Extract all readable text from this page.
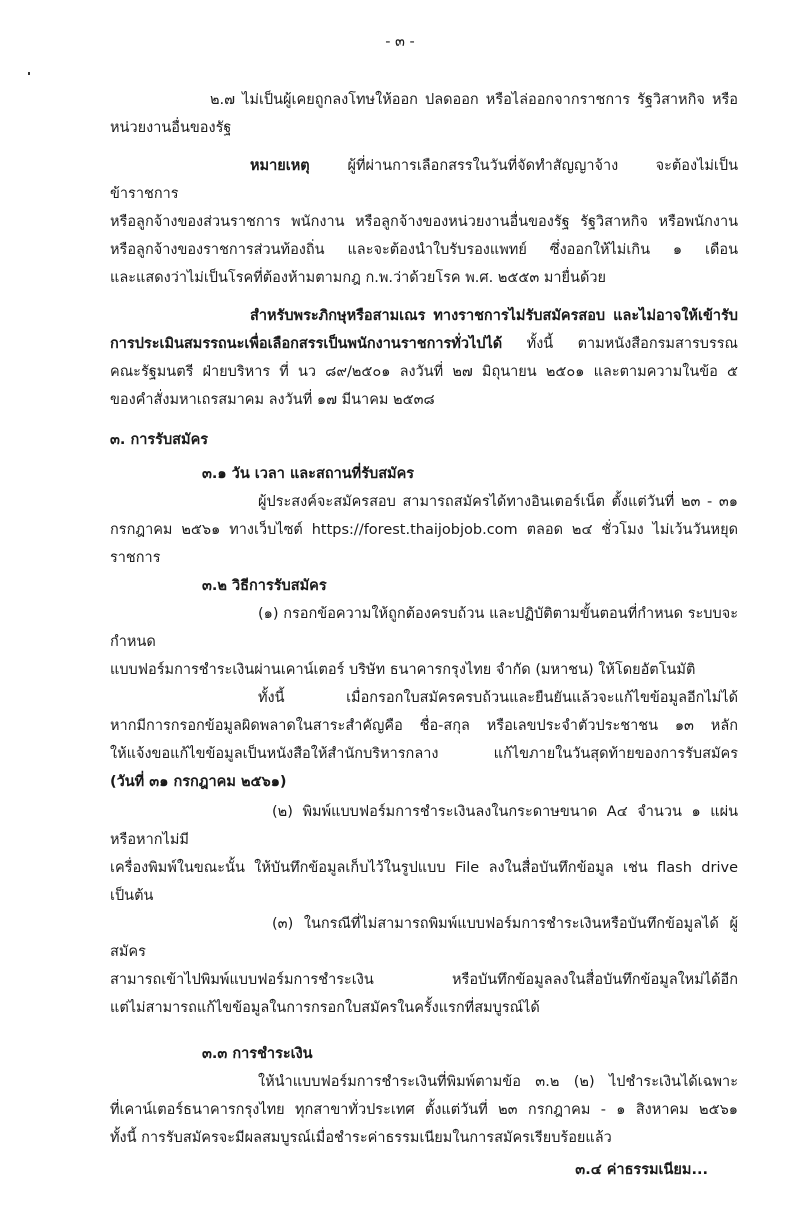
- ๓ -
๒.๗ ไม่เป็นผู้เคยถูกลงโทษให้ออก ปลดออก หรือไล่ออกจากราชการ รัฐวิสาหกิจ หรือ
หน่วยงานอื่นของรัฐ
หมายเหตุ ผู้ที่ผ่านการเลือกสรรในวันที่จัดทำสัญญาจ้าง จะต้องไม่เป็นข้าราชการ
หรือลูกจ้างของส่วนราชการ พนักงาน หรือลูกจ้างของหน่วยงานอื่นของรัฐ รัฐวิสาหกิจ หรือพนักงาน
หรือลูกจ้างของราชการส่วนท้องถิ่น และจะต้องนำใบรับรองแพทย์ ซึ่งออกให้ไม่เกิน ๑ เดือน
และแสดงว่าไม่เป็นโรคที่ต้องห้ามตามกฎ ก.พ.ว่าด้วยโรค พ.ศ. ๒๕๕๓ มายื่นด้วย
สำหรับพระภิกษุหรือสามเณร ทางราชการไม่รับสมัครสอบ และไม่อาจให้เข้ารับ
การประเมินสมรรถนะเพื่อเลือกสรรเป็นพนักงานราชการทั่วไปได้ ทั้งนี้ ตามหนังสือกรมสารบรรณ
คณะรัฐมนตรี ฝ่ายบริหาร ที่ นว ๘๙/๒๕๐๑ ลงวันที่ ๒๗ มิถุนายน ๒๕๐๑ และตามความในข้อ ๕
ของคำสั่งมหาเถรสมาคม ลงวันที่ ๑๗ มีนาคม ๒๕๓๘
๓. การรับสมัคร
๓.๑ วัน เวลา และสถานที่รับสมัคร
ผู้ประสงค์จะสมัครสอบ สามารถสมัครได้ทางอินเตอร์เน็ต ตั้งแต่วันที่ ๒๓ - ๓๑
กรกฎาคม ๒๕๖๑ ทางเว็บไซต์ https://forest.thaijobjob.com ตลอด ๒๔ ชั่วโมง ไม่เว้นวันหยุดราชการ
๓.๒ วิธีการรับสมัคร
(๑) กรอกข้อความให้ถูกต้องครบถ้วน และปฏิบัติตามขั้นตอนที่กำหนด ระบบจะกำหนด
แบบฟอร์มการชำระเงินผ่านเคาน์เตอร์ บริษัท ธนาคารกรุงไทย จำกัด (มหาชน) ให้โดยอัตโนมัติ
ทั้งนี้ เมื่อกรอกใบสมัครครบถ้วนและยืนยันแล้วจะแก้ไขข้อมูลอีกไม่ได้
หากมีการกรอกข้อมูลผิดพลาดในสาระสำคัญคือ ชื่อ-สกุล หรือเลขประจำตัวประชาชน ๑๓ หลัก
ให้แจ้งขอแก้ไขข้อมูลเป็นหนังสือให้สำนักบริหารกลาง แก้ไขภายในวันสุดท้ายของการรับสมัคร
(วันที่ ๓๑ กรกฎาคม ๒๕๖๑)
(๒) พิมพ์แบบฟอร์มการชำระเงินลงในกระดาษขนาด A๔ จำนวน ๑ แผ่น หรือหากไม่มี
เครื่องพิมพ์ในขณะนั้น ให้บันทึกข้อมูลเก็บไว้ในรูปแบบ File ลงในสื่อบันทึกข้อมูล เช่น flash drive เป็นต้น
(๓) ในกรณีที่ไม่สามารถพิมพ์แบบฟอร์มการชำระเงินหรือบันทึกข้อมูลได้ ผู้สมัคร
สามารถเข้าไปพิมพ์แบบฟอร์มการชำระเงิน หรือบันทึกข้อมูลลงในสื่อบันทึกข้อมูลใหม่ได้อีก
แต่ไม่สามารถแก้ไขข้อมูลในการกรอกใบสมัครในครั้งแรกที่สมบูรณ์ได้
๓.๓ การชำระเงิน
ให้นำแบบฟอร์มการชำระเงินที่พิมพ์ตามข้อ ๓.๒ (๒) ไปชำระเงินได้เฉพาะ
ที่เคาน์เตอร์ธนาคารกรุงไทย ทุกสาขาทั่วประเทศ ตั้งแต่วันที่ ๒๓ กรกฎาคม - ๑ สิงหาคม ๒๕๖๑
ทั้งนี้ การรับสมัครจะมีผลสมบูรณ์เมื่อชำระค่าธรรมเนียมในการสมัครเรียบร้อยแล้ว
๓.๔ ค่าธรรมเนียม...
